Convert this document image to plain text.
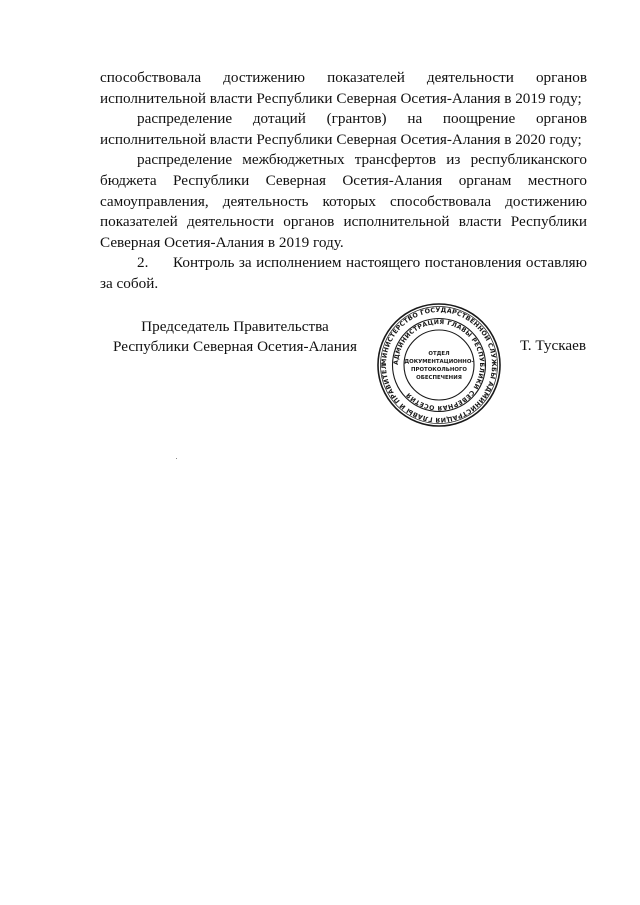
способствовала достижению показателей деятельности органов исполнительной власти Республики Северная Осетия-Алания в 2019 году;

распределение дотаций (грантов) на поощрение органов исполнительной власти Республики Северная Осетия-Алания в 2020 году;

распределение межбюджетных трансфертов из республиканского бюджета Республики Северная Осетия-Алания органам местного самоуправления, деятельность которых способствовала достижению показателей деятельности органов исполнительной власти Республики Северная Осетия-Алания в 2019 году.

2. Контроль за исполнением настоящего постановления оставляю за собой.

Председатель Правительства
Республики Северная Осетия-Алания
МИНИСТЕРСТВО ГОСУДАРСТВЕННОЙ СЛУЖБЫ АДМИНИСТРАЦИЯ ГЛАВЫ И ПРАВИТЕЛ
АДМИНИСТРАЦИЯ ГЛАВЫ РЕСПУБЛИКИ СЕВЕРНАЯ ОСЕТИЯ
ОТДЕЛ
ДОКУМЕНТАЦИОННО-
ПРОТОКОЛЬНОГО
ОБЕСПЕЧЕНИЯ
Т. Тускаев
